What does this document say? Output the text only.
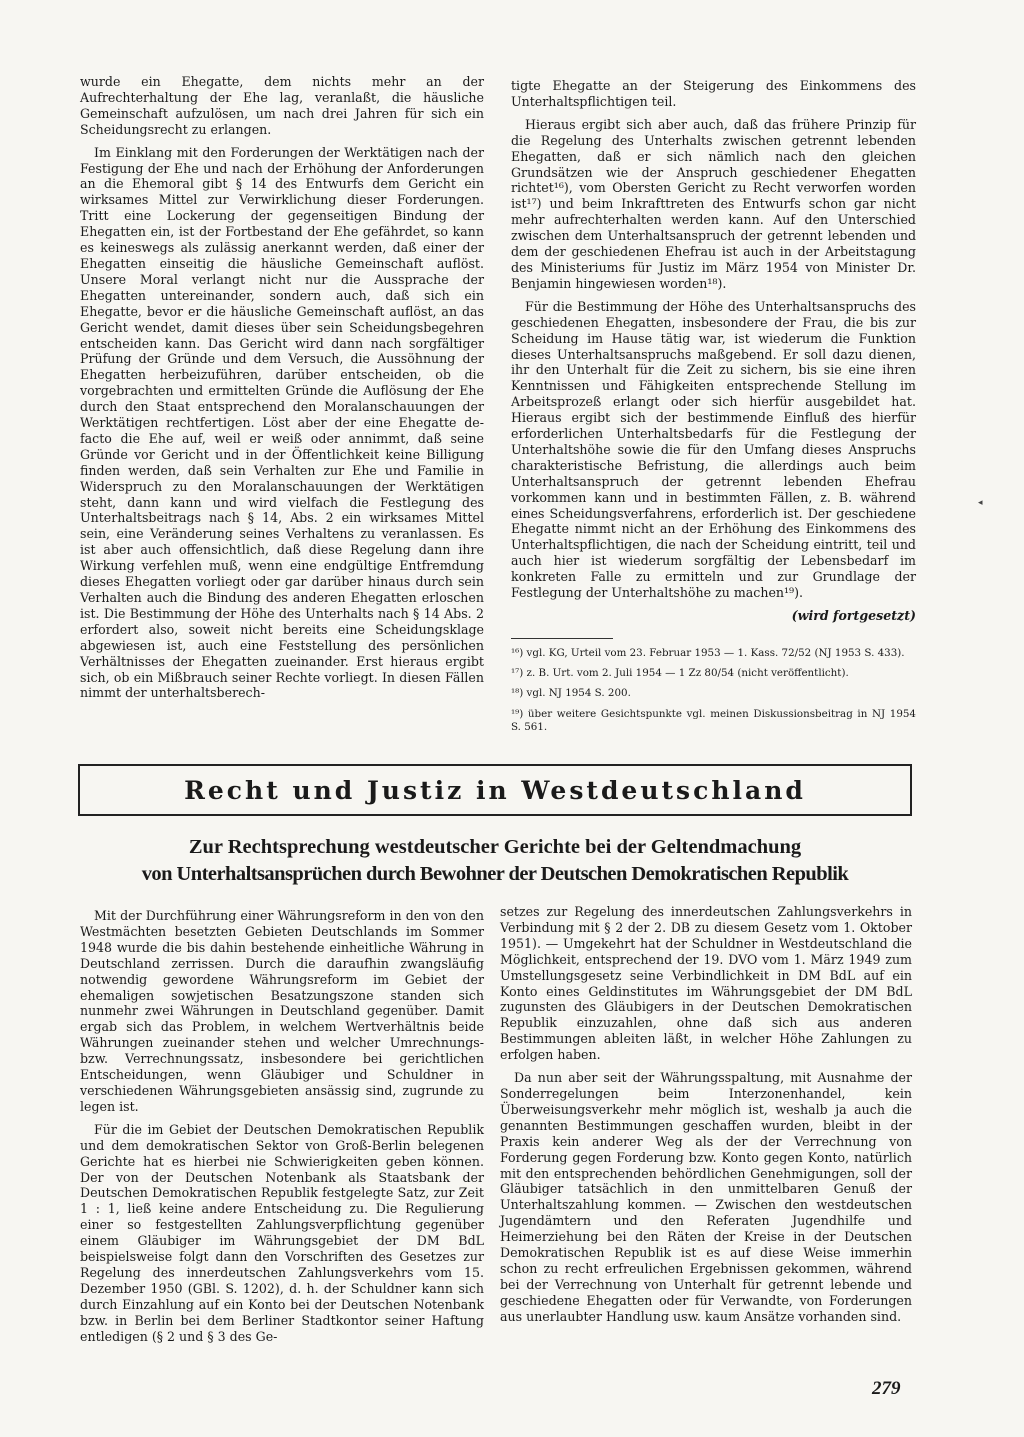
wurde ein Ehegatte, dem nichts mehr an der Aufrechterhaltung der Ehe lag, veranlaßt, die häusliche Gemeinschaft aufzulösen, um nach drei Jahren für sich ein Scheidungsrecht zu erlangen.

Im Einklang mit den Forderungen der Werktätigen nach der Festigung der Ehe und nach der Erhöhung der Anforderungen an die Ehemoral gibt § 14 des Entwurfs dem Gericht ein wirksames Mittel zur Verwirklichung dieser Forderungen. Tritt eine Lockerung der gegenseitigen Bindung der Ehegatten ein, ist der Fortbestand der Ehe gefährdet, so kann es keineswegs als zulässig anerkannt werden, daß einer der Ehegatten einseitig die häusliche Gemeinschaft auflöst. Unsere Moral verlangt nicht nur die Aussprache der Ehegatten untereinander, sondern auch, daß sich ein Ehegatte, bevor er die häusliche Gemeinschaft auflöst, an das Gericht wendet, damit dieses über sein Scheidungsbegehren entscheiden kann. Das Gericht wird dann nach sorgfältiger Prüfung der Gründe und dem Versuch, die Aussöhnung der Ehegatten herbeizuführen, darüber entscheiden, ob die vorgebrachten und ermittelten Gründe die Auflösung der Ehe durch den Staat entsprechend den Moralanschauungen der Werktätigen rechtfertigen. Löst aber der eine Ehegatte de-facto die Ehe auf, weil er weiß oder annimmt, daß seine Gründe vor Gericht und in der Öffentlichkeit keine Billigung finden werden, daß sein Verhalten zur Ehe und Familie in Widerspruch zu den Moralanschauungen der Werktätigen steht, dann kann und wird vielfach die Festlegung des Unterhaltsbeitrags nach § 14, Abs. 2 ein wirksames Mittel sein, eine Veränderung seines Verhaltens zu veranlassen. Es ist aber auch offensichtlich, daß diese Regelung dann ihre Wirkung verfehlen muß, wenn eine endgültige Entfremdung dieses Ehegatten vorliegt oder gar darüber hinaus durch sein Verhalten auch die Bindung des anderen Ehegatten erloschen ist. Die Bestimmung der Höhe des Unterhalts nach § 14 Abs. 2 erfordert also, soweit nicht bereits eine Scheidungsklage abgewiesen ist, auch eine Feststellung des persönlichen Verhältnisses der Ehegatten zueinander. Erst hieraus ergibt sich, ob ein Mißbrauch seiner Rechte vorliegt. In diesen Fällen nimmt der unterhaltsberech-

tigte Ehegatte an der Steigerung des Einkommens des Unterhaltspflichtigen teil.

Hieraus ergibt sich aber auch, daß das frühere Prinzip für die Regelung des Unterhalts zwischen getrennt lebenden Ehegatten, daß er sich nämlich nach den gleichen Grundsätzen wie der Anspruch geschiedener Ehegatten richtet¹⁶), vom Obersten Gericht zu Recht verworfen worden ist¹⁷) und beim Inkrafttreten des Entwurfs schon gar nicht mehr aufrechterhalten werden kann. Auf den Unterschied zwischen dem Unterhaltsanspruch der getrennt lebenden und dem der geschiedenen Ehefrau ist auch in der Arbeitstagung des Ministeriums für Justiz im März 1954 von Minister Dr. Benjamin hingewiesen worden¹⁸).

Für die Bestimmung der Höhe des Unterhaltsanspruchs des geschiedenen Ehegatten, insbesondere der Frau, die bis zur Scheidung im Hause tätig war, ist wiederum die Funktion dieses Unterhaltsanspruchs maßgebend. Er soll dazu dienen, ihr den Unterhalt für die Zeit zu sichern, bis sie eine ihren Kenntnissen und Fähigkeiten entsprechende Stellung im Arbeitsprozeß erlangt oder sich hierfür ausgebildet hat. Hieraus ergibt sich der bestimmende Einfluß des hierfür erforderlichen Unterhaltsbedarfs für die Festlegung der Unterhaltshöhe sowie die für den Umfang dieses Anspruchs charakteristische Befristung, die allerdings auch beim Unterhaltsanspruch der getrennt lebenden Ehefrau vorkommen kann und in bestimmten Fällen, z. B. während eines Scheidungsverfahrens, erforderlich ist. Der geschiedene Ehegatte nimmt nicht an der Erhöhung des Einkommens des Unterhaltspflichtigen, die nach der Scheidung eintritt, teil und auch hier ist wiederum sorgfältig der Lebensbedarf im konkreten Falle zu ermitteln und zur Grundlage der Festlegung der Unterhaltshöhe zu machen¹⁹).

(wird fortgesetzt)

¹⁶) vgl. KG, Urteil vom 23. Februar 1953 — 1. Kass. 72/52 (NJ 1953 S. 433).

¹⁷) z. B. Urt. vom 2. Juli 1954 — 1 Zz 80/54 (nicht veröffentlicht).

¹⁸) vgl. NJ 1954 S. 200.

¹⁹) über weitere Gesichtspunkte vgl. meinen Diskussionsbeitrag in NJ 1954 S. 561.

◂
Recht und Justiz in Westdeutschland
Zur Rechtsprechung westdeutscher Gerichte bei der Geltendmachung
von Unterhaltsansprüchen durch Bewohner der Deutschen Demokratischen Republik

Mit der Durchführung einer Währungsreform in den von den Westmächten besetzten Gebieten Deutschlands im Sommer 1948 wurde die bis dahin bestehende einheitliche Währung in Deutschland zerrissen. Durch die daraufhin zwangsläufig notwendig gewordene Währungsreform im Gebiet der ehemaligen sowjetischen Besatzungszone standen sich nunmehr zwei Währungen in Deutschland gegenüber. Damit ergab sich das Problem, in welchem Wertverhältnis beide Währungen zueinander stehen und welcher Umrechnungs- bzw. Verrechnungssatz, insbesondere bei gerichtlichen Entscheidungen, wenn Gläubiger und Schuldner in verschiedenen Währungsgebieten ansässig sind, zugrunde zu legen ist.

Für die im Gebiet der Deutschen Demokratischen Republik und dem demokratischen Sektor von Groß-Berlin belegenen Gerichte hat es hierbei nie Schwierigkeiten geben können. Der von der Deutschen Notenbank als Staatsbank der Deutschen Demokratischen Republik festgelegte Satz, zur Zeit 1 : 1, ließ keine andere Entscheidung zu. Die Regulierung einer so festgestellten Zahlungsverpflichtung gegenüber einem Gläubiger im Währungsgebiet der DM BdL beispielsweise folgt dann den Vorschriften des Gesetzes zur Regelung des innerdeutschen Zahlungsverkehrs vom 15. Dezember 1950 (GBl. S. 1202), d. h. der Schuldner kann sich durch Einzahlung auf ein Konto bei der Deutschen Notenbank bzw. in Berlin bei dem Berliner Stadtkontor seiner Haftung entledigen (§ 2 und § 3 des Ge-

setzes zur Regelung des innerdeutschen Zahlungsverkehrs in Verbindung mit § 2 der 2. DB zu diesem Gesetz vom 1. Oktober 1951). — Umgekehrt hat der Schuldner in Westdeutschland die Möglichkeit, entsprechend der 19. DVO vom 1. März 1949 zum Umstellungsgesetz seine Verbindlichkeit in DM BdL auf ein Konto eines Geldinstitutes im Währungsgebiet der DM BdL zugunsten des Gläubigers in der Deutschen Demokratischen Republik einzuzahlen, ohne daß sich aus anderen Bestimmungen ableiten läßt, in welcher Höhe Zahlungen zu erfolgen haben.

Da nun aber seit der Währungsspaltung, mit Ausnahme der Sonderregelungen beim Interzonenhandel, kein Überweisungsverkehr mehr möglich ist, weshalb ja auch die genannten Bestimmungen geschaffen wurden, bleibt in der Praxis kein anderer Weg als der der Verrechnung von Forderung gegen Forderung bzw. Konto gegen Konto, natürlich mit den entsprechenden behördlichen Genehmigungen, soll der Gläubiger tatsächlich in den unmittelbaren Genuß der Unterhaltszahlung kommen. — Zwischen den westdeutschen Jugendämtern und den Referaten Jugendhilfe und Heimerziehung bei den Räten der Kreise in der Deutschen Demokratischen Republik ist es auf diese Weise immerhin schon zu recht erfreulichen Ergebnissen gekommen, während bei der Verrechnung von Unterhalt für getrennt lebende und geschiedene Ehegatten oder für Verwandte, von Forderungen aus unerlaubter Handlung usw. kaum Ansätze vorhanden sind.

279
